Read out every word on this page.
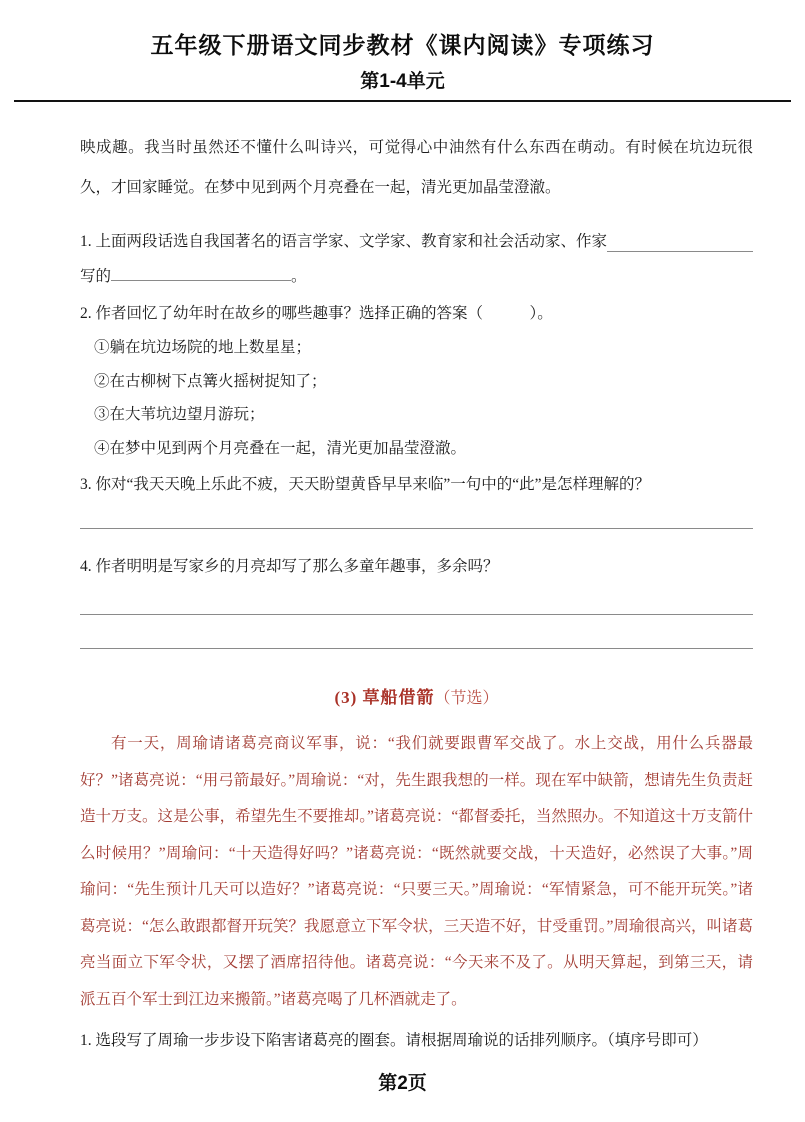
五年级下册语文同步教材《课内阅读》专项练习
第1-4单元

映成趣。我当时虽然还不懂什么叫诗兴，可觉得心中油然有什么东西在萌动。有时候在坑边玩很久，才回家睡觉。在梦中见到两个月亮叠在一起，清光更加晶莹澄澈。

1. 上面两段话选自我国著名的语言学家、文学家、教育家和社会活动家、作家
写的	。
2. 作者回忆了幼年时在故乡的哪些趣事？选择正确的答案（　　　）。
①躺在坑边场院的地上数星星；
②在古柳树下点篝火摇树捉知了；
③在大苇坑边望月游玩；
④在梦中见到两个月亮叠在一起，清光更加晶莹澄澈。
3. 你对“我天天晚上乐此不疲，天天盼望黄昏早早来临”一句中的“此”是怎样理解的？
4. 作者明明是写家乡的月亮却写了那么多童年趣事，多余吗？
(3) 草船借箭（节选）

有一天，周瑜请诸葛亮商议军事，说：“我们就要跟曹军交战了。水上交战，用什么兵器最好？”诸葛亮说：“用弓箭最好。”周瑜说：“对，先生跟我想的一样。现在军中缺箭，想请先生负责赶造十万支。这是公事，希望先生不要推却。”诸葛亮说：“都督委托，当然照办。不知道这十万支箭什么时候用？”周瑜问：“十天造得好吗？”诸葛亮说：“既然就要交战，十天造好，必然误了大事。”周瑜问：“先生预计几天可以造好？”诸葛亮说：“只要三天。”周瑜说：“军情紧急，可不能开玩笑。”诸葛亮说：“怎么敢跟都督开玩笑？我愿意立下军令状，三天造不好，甘受重罚。”周瑜很高兴，叫诸葛亮当面立下军令状，又摆了酒席招待他。诸葛亮说：“今天来不及了。从明天算起，到第三天，请派五百个军士到江边来搬箭。”诸葛亮喝了几杯酒就走了。

1. 选段写了周瑜一步步设下陷害诸葛亮的圈套。请根据周瑜说的话排列顺序。（填序号即可）
第2页
